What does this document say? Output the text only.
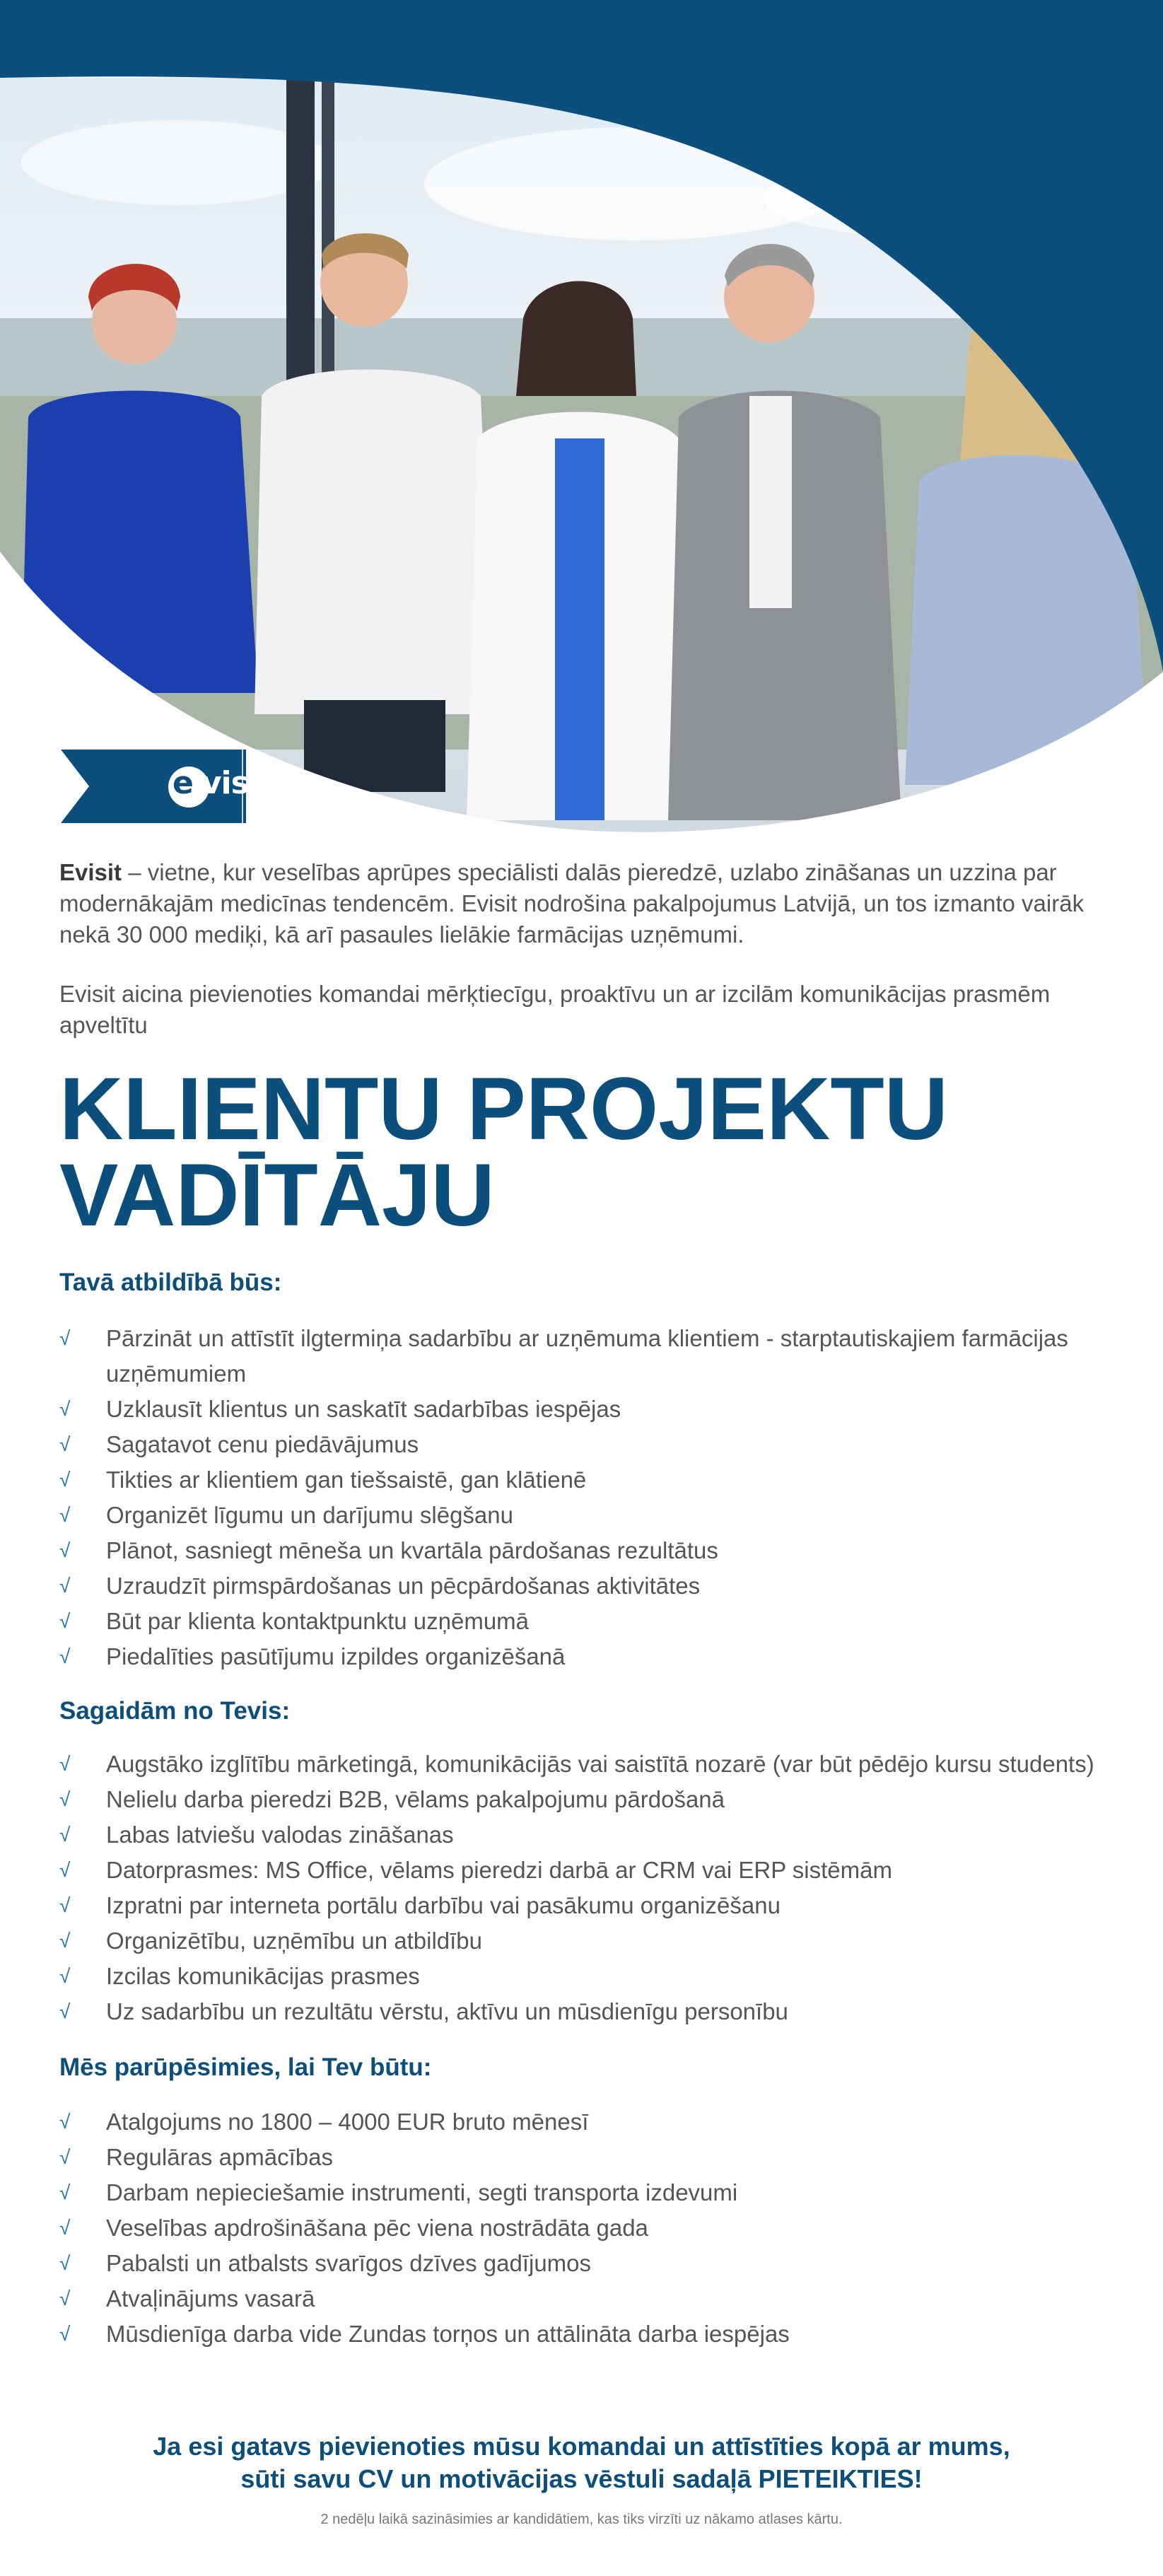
e visit

Evisit – vietne, kur veselības aprūpes speciālisti dalās pieredzē, uzlabo zināšanas un uzzina par modernākajām medicīnas tendencēm. Evisit nodrošina pakalpojumus Latvijā, un tos izmanto vairāk nekā 30 000 mediķi, kā arī pasaules lielākie farmācijas uzņēmumi.

Evisit aicina pievienoties komandai mērķtiecīgu, proaktīvu un ar izcilām komunikācijas prasmēm apveltītu

KLIENTU PROJEKTU
VADĪTĀJU
Tavā atbildībā būs:
√ Pārzināt un attīstīt ilgtermiņa sadarbību ar uzņēmuma klientiem - starptautiskajiem farmācijas uzņēmumiem
√ Uzklausīt klientus un saskatīt sadarbības iespējas
√ Sagatavot cenu piedāvājumus
√ Tikties ar klientiem gan tiešsaistē, gan klātienē
√ Organizēt līgumu un darījumu slēgšanu
√ Plānot, sasniegt mēneša un kvartāla pārdošanas rezultātus
√ Uzraudzīt pirmspārdošanas un pēcpārdošanas aktivitātes
√ Būt par klienta kontaktpunktu uzņēmumā
√ Piedalīties pasūtījumu izpildes organizēšanā
Sagaidām no Tevis:
√ Augstāko izglītību mārketingā, komunikācijās vai saistītā nozarē (var būt pēdējo kursu students)
√ Nelielu darba pieredzi B2B, vēlams pakalpojumu pārdošanā
√ Labas latviešu valodas zināšanas
√ Datorprasmes: MS Office, vēlams pieredzi darbā ar CRM vai ERP sistēmām
√ Izpratni par interneta portālu darbību vai pasākumu organizēšanu
√ Organizētību, uzņēmību un atbildību
√ Izcilas komunikācijas prasmes
√ Uz sadarbību un rezultātu vērstu, aktīvu un mūsdienīgu personību
Mēs parūpēsimies, lai Tev būtu:
√ Atalgojums no 1800 – 4000 EUR bruto mēnesī
√ Regulāras apmācības
√ Darbam nepieciešamie instrumenti, segti transporta izdevumi
√ Veselības apdrošināšana pēc viena nostrādāta gada
√ Pabalsti un atbalsts svarīgos dzīves gadījumos
√ Atvaļinājums vasarā
√ Mūsdienīga darba vide Zundas torņos un attālināta darba iespējas
Ja esi gatavs pievienoties mūsu komandai un attīstīties kopā ar mums,
sūti savu CV un motivācijas vēstuli sadaļā PIETEIKTIES!
2 nedēļu laikā sazināsimies ar kandidātiem, kas tiks virzīti uz nākamo atlases kārtu.
